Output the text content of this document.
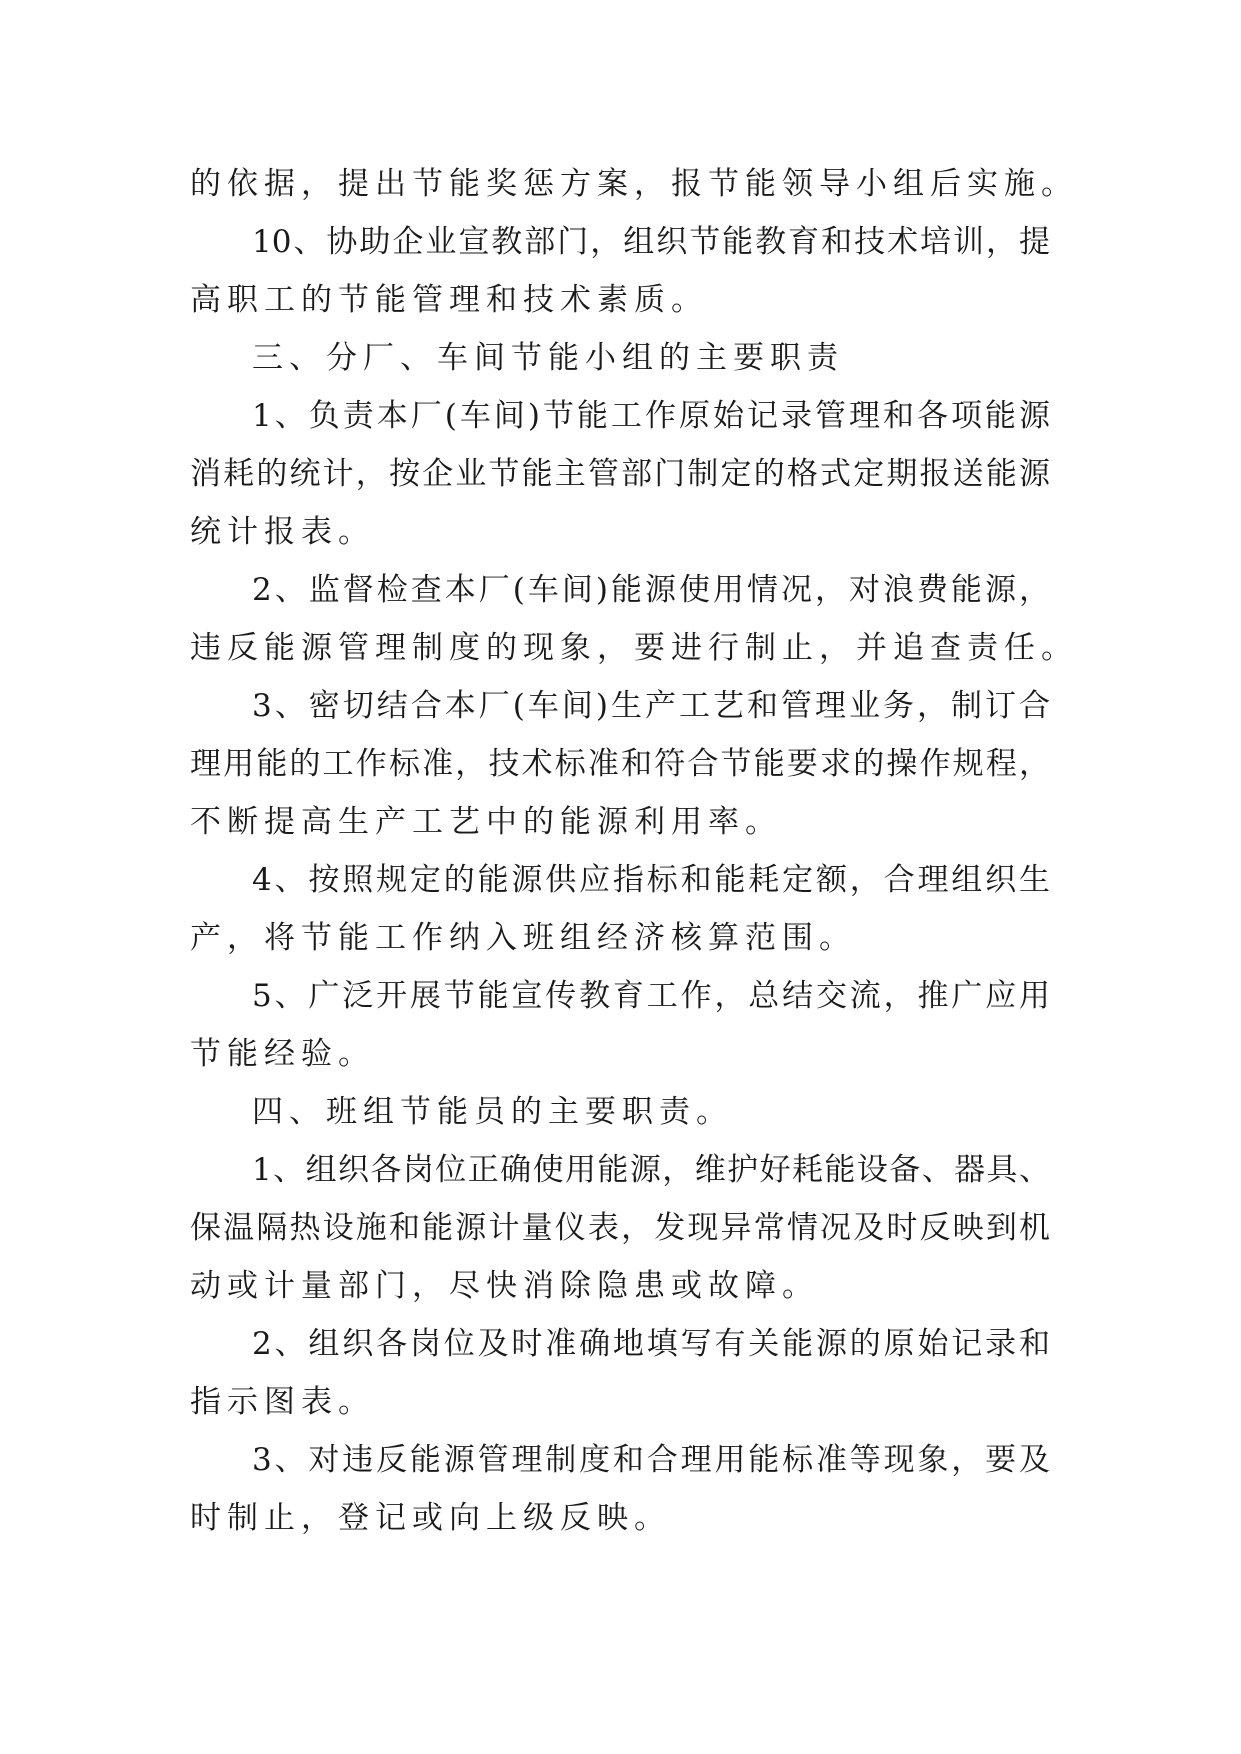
的依据，提出节能奖惩方案，报节能领导小组后实施。
10、协助企业宣教部门，组织节能教育和技术培训，提
高职工的节能管理和技术素质。
三、分厂、车间节能小组的主要职责
1、负责本厂(车间)节能工作原始记录管理和各项能源
消耗的统计，按企业节能主管部门制定的格式定期报送能源
统计报表。
2、监督检查本厂(车间)能源使用情况，对浪费能源，
违反能源管理制度的现象，要进行制止，并追查责任。
3、密切结合本厂(车间)生产工艺和管理业务，制订合
理用能的工作标准，技术标准和符合节能要求的操作规程，
不断提高生产工艺中的能源利用率。
4、按照规定的能源供应指标和能耗定额，合理组织生
产，将节能工作纳入班组经济核算范围。
5、广泛开展节能宣传教育工作，总结交流，推广应用
节能经验。
四、班组节能员的主要职责。
1、组织各岗位正确使用能源，维护好耗能设备、器具、
保温隔热设施和能源计量仪表，发现异常情况及时反映到机
动或计量部门，尽快消除隐患或故障。
2、组织各岗位及时准确地填写有关能源的原始记录和
指示图表。
3、对违反能源管理制度和合理用能标准等现象，要及
时制止，登记或向上级反映。
